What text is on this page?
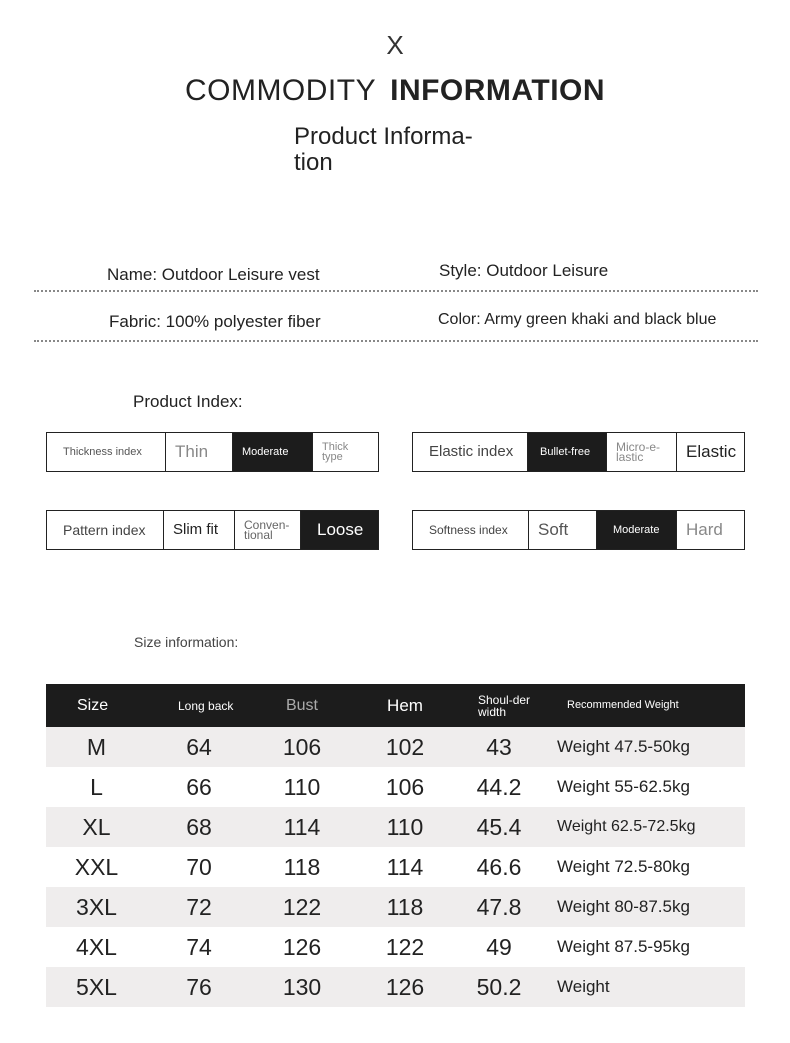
X
COMMODITY INFORMATION
Product Informa-
tion
Name: Outdoor Leisure vest	Style: Outdoor Leisure
Fabric: 100% polyester fiber	Color: Army green khaki and black blue
Product Index:
Thickness index	Thin	Moderate	Thick type	Elastic index	Bullet-free	Micro-e-lastic	Elastic
Pattern index	Slim fit	Conven-tional	Loose	Softness index	Soft	Moderate	Hard
Size information:
Size	Long back	Bust	Hem	Shoul-der width	Recommended Weight
M	64	106	102	43	Weight 47.5-50kg
L	66	110	106	44.2	Weight 55-62.5kg
XL	68	114	110	45.4	Weight 62.5-72.5kg
XXL	70	118	114	46.6	Weight 72.5-80kg
3XL	72	122	118	47.8	Weight 80-87.5kg
4XL	74	126	122	49	Weight 87.5-95kg
5XL	76	130	126	50.2	Weight
